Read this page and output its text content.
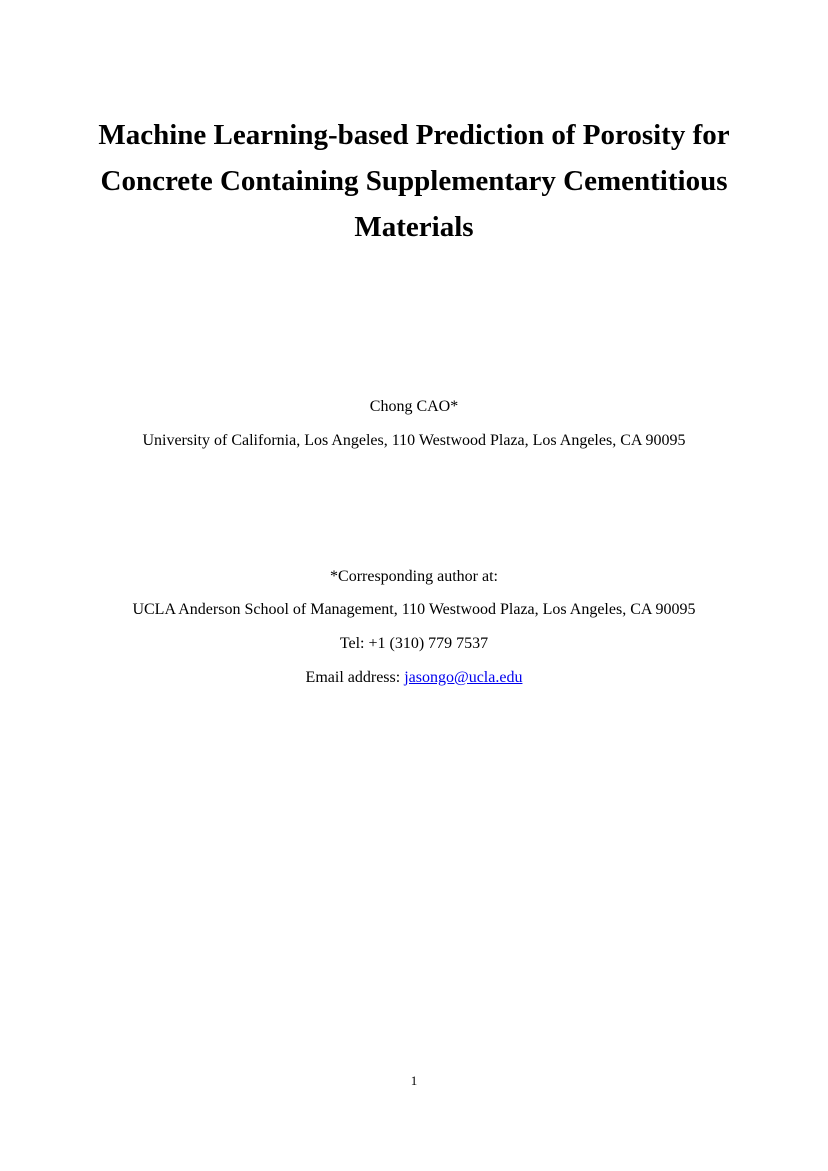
Machine Learning-based Prediction of Porosity for
Concrete Containing Supplementary Cementitious
Materials

Chong CAO*

University of California, Los Angeles, 110 Westwood Plaza, Los Angeles, CA 90095

*Corresponding author at:

UCLA Anderson School of Management, 110 Westwood Plaza, Los Angeles, CA 90095

Tel: +1 (310) 779 7537

Email address: jasongo@ucla.edu

1
